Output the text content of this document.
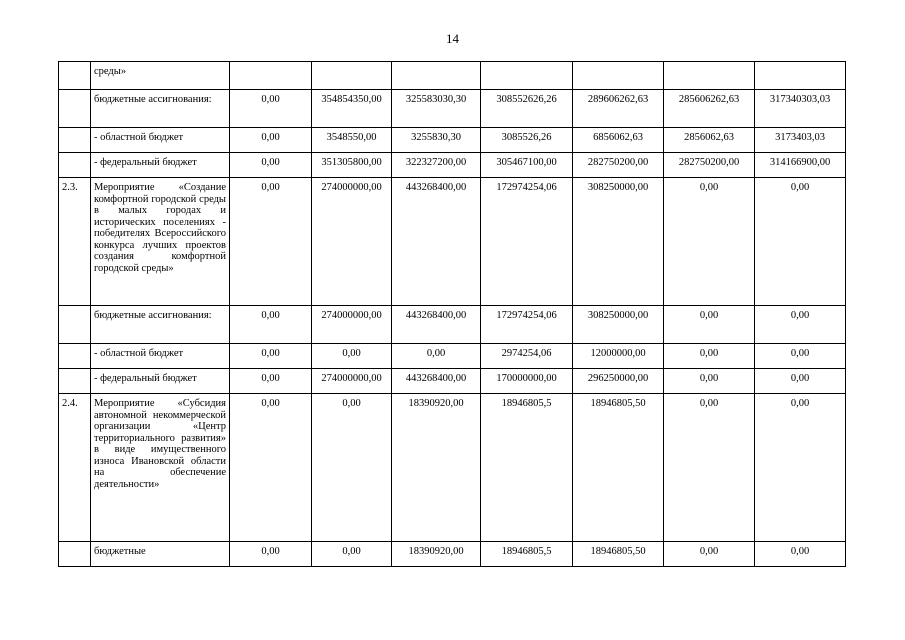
14
	среды»							
	бюджетные ассигнования:	0,00	354854350,00	325583030,30	308552626,26	289606262,63	285606262,63	317340303,03
	- областной бюджет	0,00	3548550,00	3255830,30	3085526,26	6856062,63	2856062,63	3173403,03
	- федеральный бюджет	0,00	351305800,00	322327200,00	305467100,00	282750200,00	282750200,00	314166900,00
2.3.	Мероприятие «Создание комфортной городской среды в малых городах и исторических поселениях - победителях Всероссийского конкурса лучших проектов создания комфортной городской среды»	0,00	274000000,00	443268400,00	172974254,06	308250000,00	0,00	0,00
	бюджетные ассигнования:	0,00	274000000,00	443268400,00	172974254,06	308250000,00	0,00	0,00
	- областной бюджет	0,00	0,00	0,00	2974254,06	12000000,00	0,00	0,00
	- федеральный бюджет	0,00	274000000,00	443268400,00	170000000,00	296250000,00	0,00	0,00
2.4.	Мероприятие «Субсидия автономной некоммерческой организации «Центр территориального развития» в виде имущественного износа Ивановской области на обеспечение деятельности»	0,00	0,00	18390920,00	18946805,5	18946805,50	0,00	0,00
	бюджетные	0,00	0,00	18390920,00	18946805,5	18946805,50	0,00	0,00
